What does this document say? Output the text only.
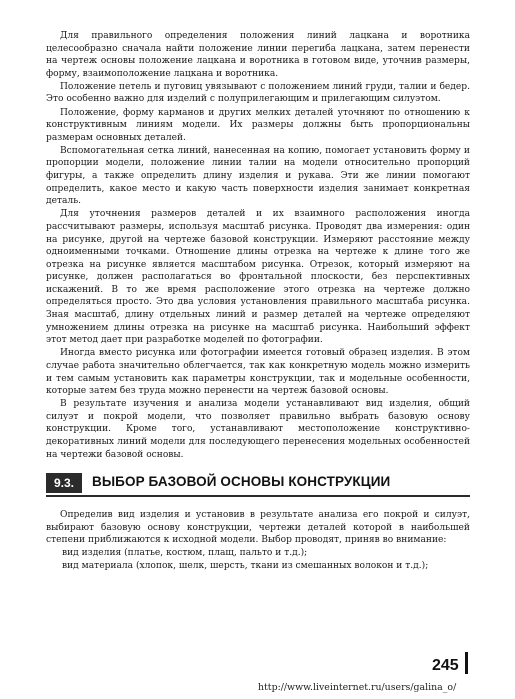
Для правильного определения положения линий лацкана и воротника целесообразно сначала найти положение линии перегиба лацкана, затем перенести на чертеж основы положение лацкана и воротника в готовом виде, уточнив размеры, форму, взаимоположение лацкана и воротника.

Положение петель и пуговиц увязывают с положением линий груди, талии и бедер. Это особенно важно для изделий с полуприлегающим и прилегающим силуэтом.

Положение, форму карманов и других мелких деталей уточняют по отношению к конструктивным линиям модели. Их размеры должны быть пропорциональны размерам основных деталей.

Вспомогательная сетка линий, нанесенная на копию, помогает установить форму и пропорции модели, положение линии талии на модели относительно пропорций фигуры, а также определить длину изделия и рукава. Эти же линии помогают определить, какое место и какую часть поверхности изделия занимает конкретная деталь.

Для уточнения размеров деталей и их взаимного расположения иногда рассчитывают размеры, используя масштаб рисунка. Проводят два измерения: один на рисунке, другой на чертеже базовой конструкции. Измеряют расстояние между одноименными точками. Отношение длины отрезка на чертеже к длине того же отрезка на рисунке является масштабом рисунка. Отрезок, который измеряют на рисунке, должен располагаться во фронтальной плоскости, без перспективных искажений. В то же время расположение этого отрезка на чертеже должно определяться просто. Это два условия установления правильного масштаба рисунка. Зная масштаб, длину отдельных линий и размер деталей на чертеже определяют умножением длины отрезка на рисунке на масштаб рисунка. Наибольший эффект этот метод дает при разработке моделей по фотографии.

Иногда вместо рисунка или фотографии имеется готовый образец изделия. В этом случае работа значительно облегчается, так как конкретную модель можно измерить и тем самым установить как параметры конструкции, так и модельные особенности, которые затем без труда можно перенести на чертеж базовой основы.

В результате изучения и анализа модели устанавливают вид изделия, общий силуэт и покрой модели, что позволяет правильно выбрать базовую основу конструкции. Кроме того, устанавливают местоположение конструктивно-декоративных линий модели для последующего перенесения модельных особенностей на чертежи базовой основы.

9.3.	ВЫБОР БАЗОВОЙ ОСНОВЫ КОНСТРУКЦИИ

Определив вид изделия и установив в результате анализа его покрой и силуэт, выбирают базовую основу конструкции, чертежи деталей которой в наибольшей степени приближаются к исходной модели. Выбор проводят, приняв во внимание:

вид изделия (платье, костюм, плащ, пальто и т.д.);

вид материала (хлопок, шелк, шерсть, ткани из смешанных волокон и т.д.);

245
http://www.liveinternet.ru/users/galina_o/
